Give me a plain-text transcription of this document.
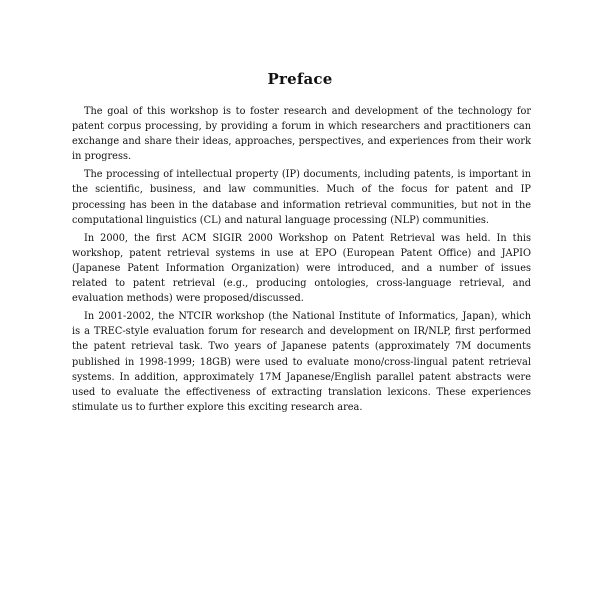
Preface

The goal of this workshop is to foster research and development of the technology for patent corpus processing, by providing a forum in which researchers and practitioners can exchange and share their ideas, approaches, perspectives, and experiences from their work in progress.

The processing of intellectual property (IP) documents, including patents, is important in the scientific, business, and law communities. Much of the focus for patent and IP processing has been in the database and information retrieval communities, but not in the computational linguistics (CL) and natural language processing (NLP) communities.

In 2000, the first ACM SIGIR 2000 Workshop on Patent Retrieval was held. In this workshop, patent retrieval systems in use at EPO (European Patent Office) and JAPIO (Japanese Patent Information Organization) were introduced, and a number of issues related to patent retrieval (e.g., producing ontologies, cross-language retrieval, and evaluation methods) were proposed/discussed.

In 2001-2002, the NTCIR workshop (the National Institute of Informatics, Japan), which is a TREC-style evaluation forum for research and development on IR/NLP, first performed the patent retrieval task. Two years of Japanese patents (approximately 7M documents published in 1998-1999; 18GB) were used to evaluate mono/cross-lingual patent retrieval systems. In addition, approximately 17M Japanese/English parallel patent abstracts were used to evaluate the effectiveness of extracting translation lexicons. These experiences stimulate us to further explore this exciting research area.
